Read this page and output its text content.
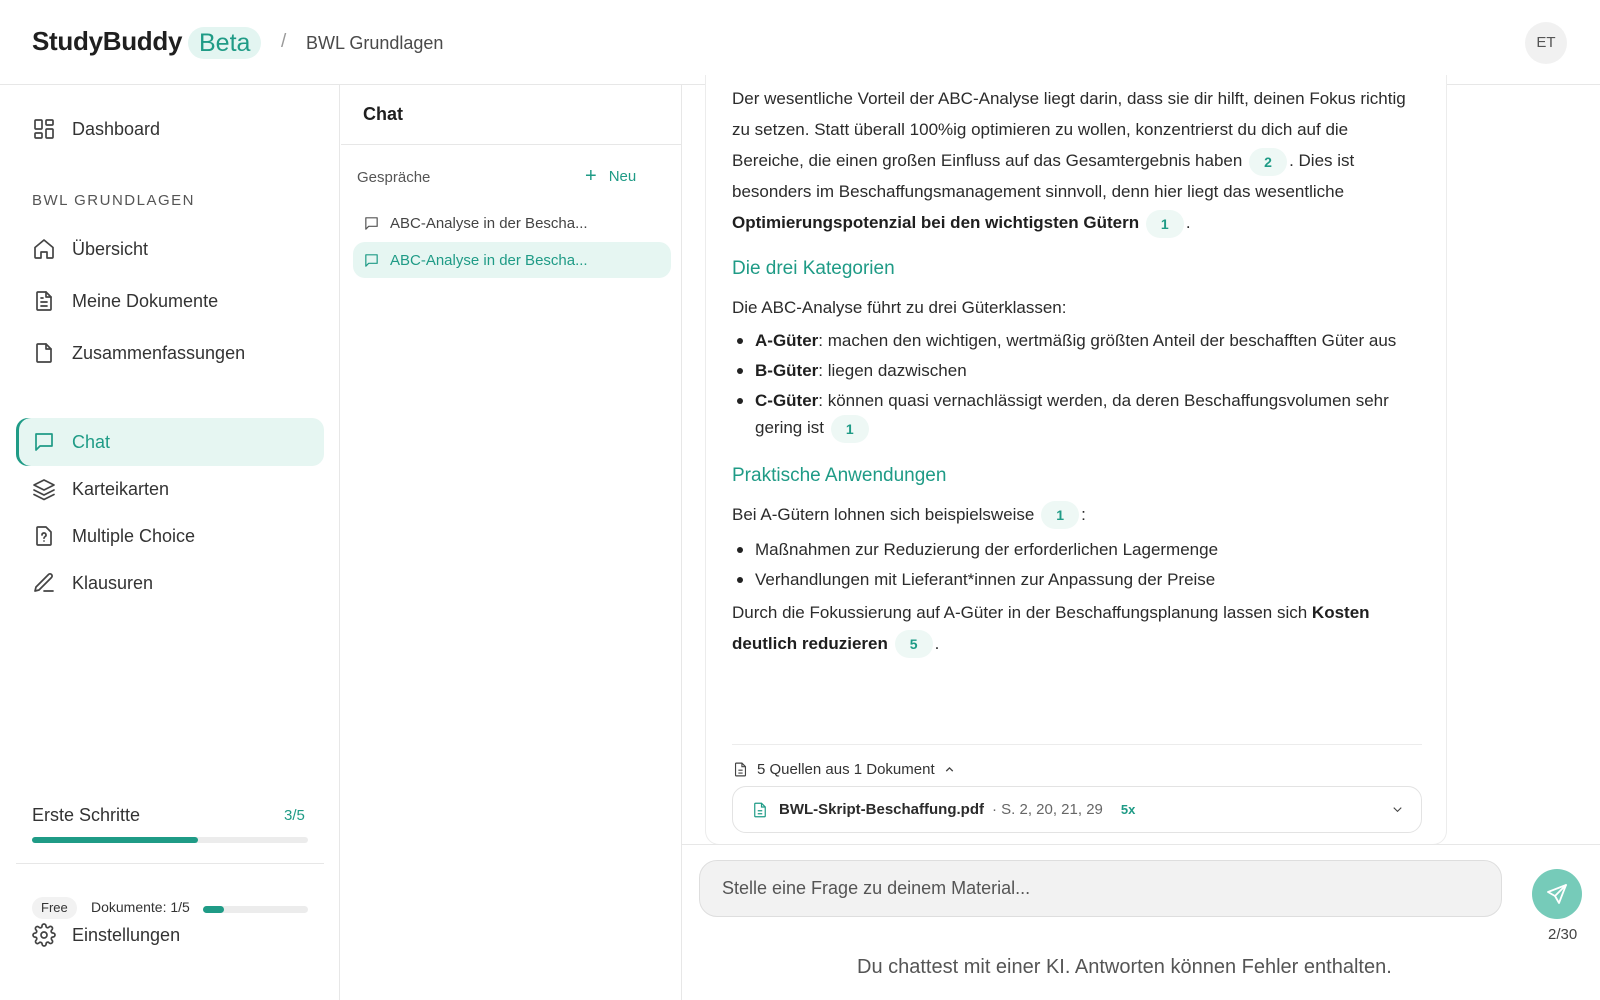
StudyBuddy Beta	/ BWL Grundlagen	ET
Dashboard
BWL GRUNDLAGEN
Übersicht
Meine Dokumente
Zusammenfassungen
Chat
Karteikarten
Multiple Choice
Klausuren
Erste Schritte	3/5
Free	Dokumente: 1/5
Einstellungen
Chat
Gespräche	+ Neu
ABC-Analyse in der Bescha...
ABC-Analyse in der Bescha...

Der wesentliche Vorteil der ABC-Analyse liegt darin, dass sie dir hilft, deinen Fokus richtig zu setzen. Statt überall 100%ig optimieren zu wollen, konzentrierst du dich auf die Bereiche, die einen großen Einfluss auf das Gesamtergebnis haben 2 . Dies ist besonders im Beschaffungsmanagement sinnvoll, denn hier liegt das wesentliche Optimierungspotenzial bei den wichtigsten Gütern 1 .

Die drei Kategorien

Die ABC-Analyse führt zu drei Güterklassen:

A-Güter: machen den wichtigen, wertmäßig größten Anteil der beschafften Güter aus
B-Güter: liegen dazwischen
C-Güter: können quasi vernachlässigt werden, da deren Beschaffungsvolumen sehr gering ist 1
Praktische Anwendungen

Bei A-Gütern lohnen sich beispielsweise 1 :

Maßnahmen zur Reduzierung der erforderlichen Lagermenge
Verhandlungen mit Lieferant*innen zur Anpassung der Preise

Durch die Fokussierung auf A-Güter in der Beschaffungsplanung lassen sich Kosten deutlich reduzieren 5 .

5 Quellen aus 1 Dokument
BWL-Skript-Beschaffung.pdf · S. 2, 20, 21, 29 5x
Stelle eine Frage zu deinem Material...
2/30
Du chattest mit einer KI. Antworten können Fehler enthalten.
